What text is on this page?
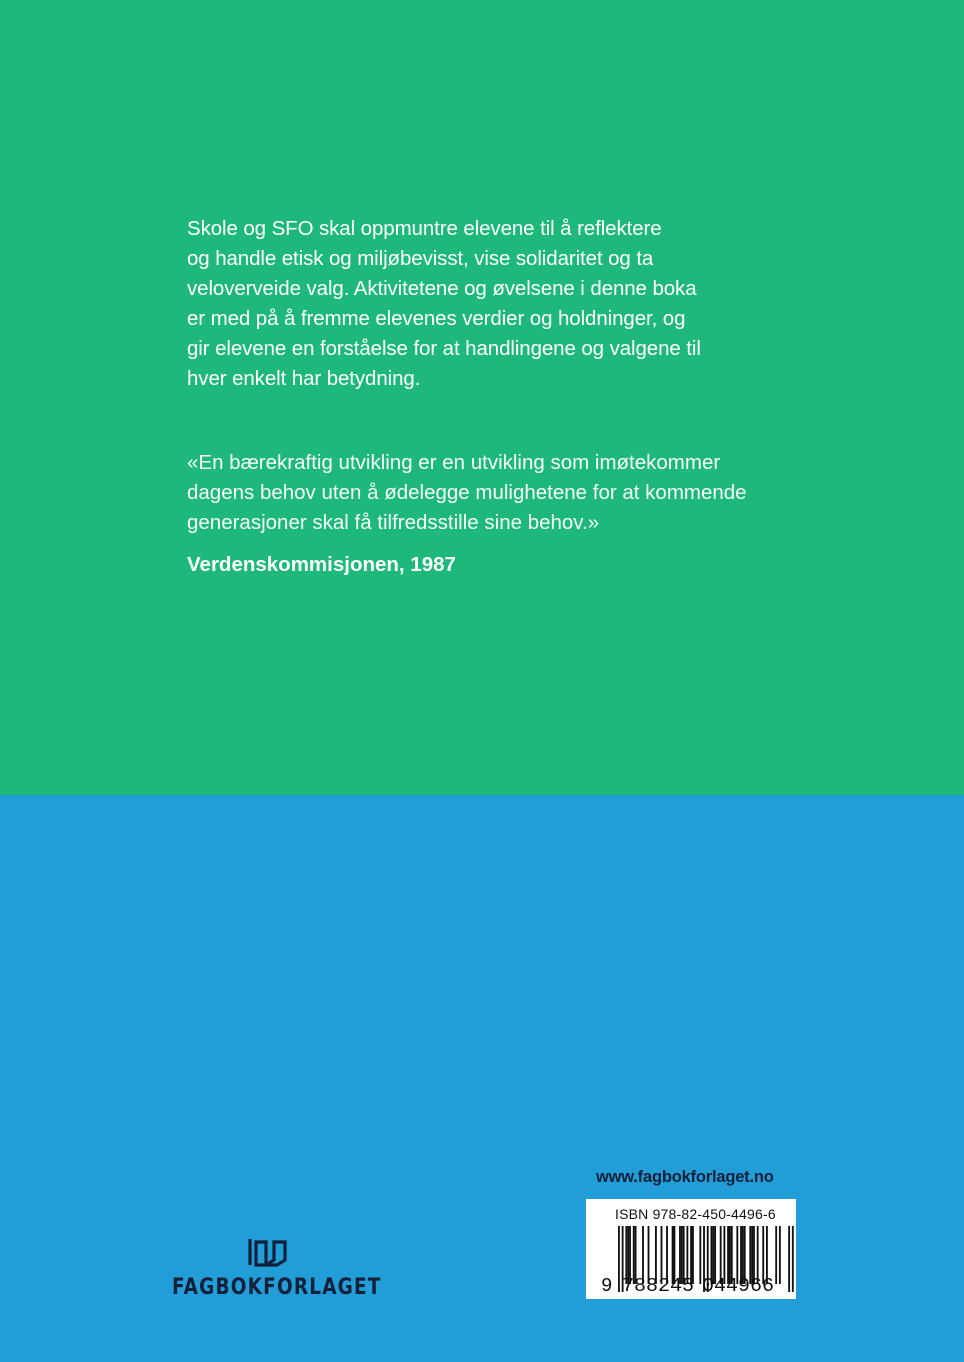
Skole og SFO skal oppmuntre elevene til å reflektere
og handle etisk og miljøbevisst, vise solidaritet og ta
veloverveide valg. Aktivitetene og øvelsene i denne boka
er med på å fremme elevenes verdier og holdninger, og
gir elevene en forståelse for at handlingene og valgene til
hver enkelt har betydning.

«En bærekraftig utvikling er en utvikling som imøtekommer
dagens behov uten å ødelegge mulighetene for at kommende
generasjoner skal få tilfredsstille sine behov.»

Verdenskommisjonen, 1987

www.fagbokforlaget.no
ISBN 978-82-450-4496-6
9 788245 044966
FAGBOKFORLAGET
